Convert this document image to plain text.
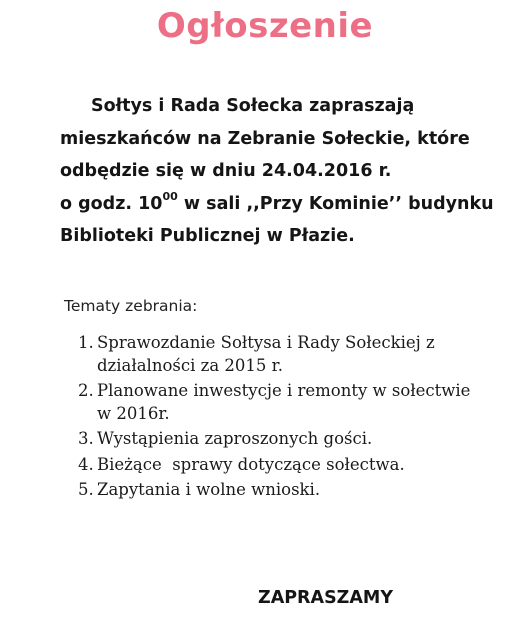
Ogłoszenie
Sołtys i Rada Sołecka zapraszają
mieszkańców na Zebranie Sołeckie, które
odbędzie się w dniu 24.04.2016 r.
o godz. $10^{00}$ w sali ,,Przy Kominie’’ budynku
Biblioteki Publicznej w Płazie.
Tematy zebrania:
1. Sprawozdanie Sołtysa i Rady Sołeckiej z działalności za 2015 r.
2. Planowane inwestycje i remonty w sołectwie w 2016r.
3. Wystąpienia zaproszonych gości.
4. Bieżące  sprawy dotyczące sołectwa.
5. Zapytania i wolne wnioski.
ZAPRASZAMY
